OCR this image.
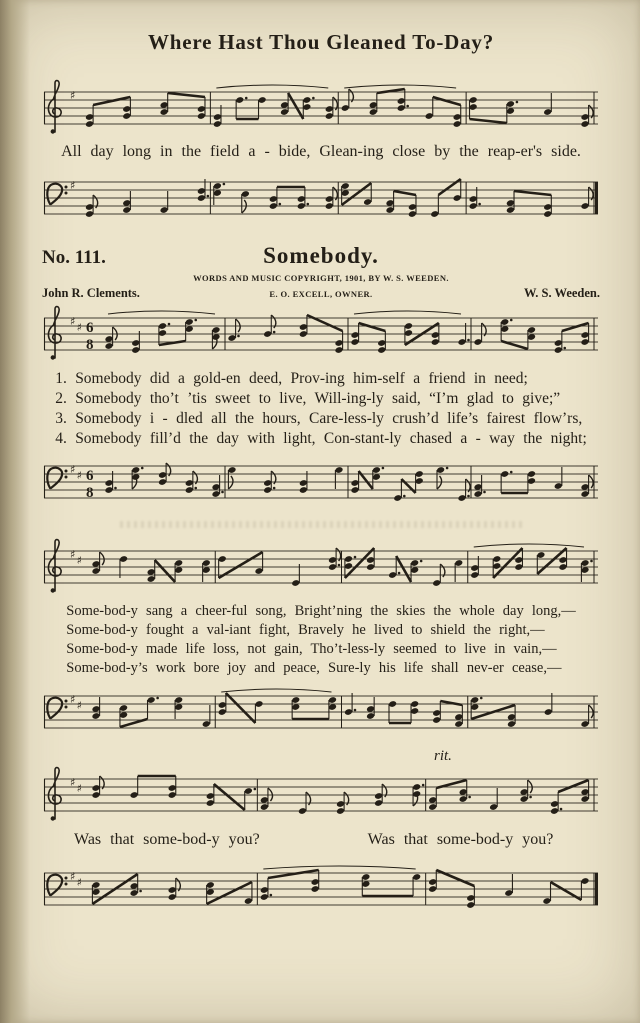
Where Hast Thou Gleaned To-Day?
♯

All day long in the field a - bide, Glean-ing close by the reap-er's side.

♯
No. 111.	Somebody.

WORDS AND MUSIC COPYRIGHT, 1901, BY W. S. WEEDEN.

John R. Clements.	E. O. EXCELL, OWNER.	W. S. Weeden.
♯ ♯ 6
8
1. Somebody did a gold-en deed, Prov-ing him-self a friend in need;
2. Somebody tho’t ’tis sweet to live, Will-ing-ly said, “I’m glad to give;”
3. Somebody i - dled all the hours, Care-less-ly crush’d life’s fairest flow’rs,
4. Somebody fill’d the day with light, Con-stant-ly chased a - way the night;
♯ ♯ 6
8
♯ ♯
Some-bod-y sang a cheer-ful song, Bright’ning the skies the whole day long,—
Some-bod-y fought a val-iant fight, Bravely he lived to shield the right,—
Some-bod-y made life loss, not gain, Tho’t-less-ly seemed to live in vain,—
Some-bod-y’s work bore joy and peace, Sure-ly his life shall nev-er cease,—
♯ ♯

rit.

♯ ♯

Was that some-bod-y you?	Was that some-bod-y you?

♯ ♯
